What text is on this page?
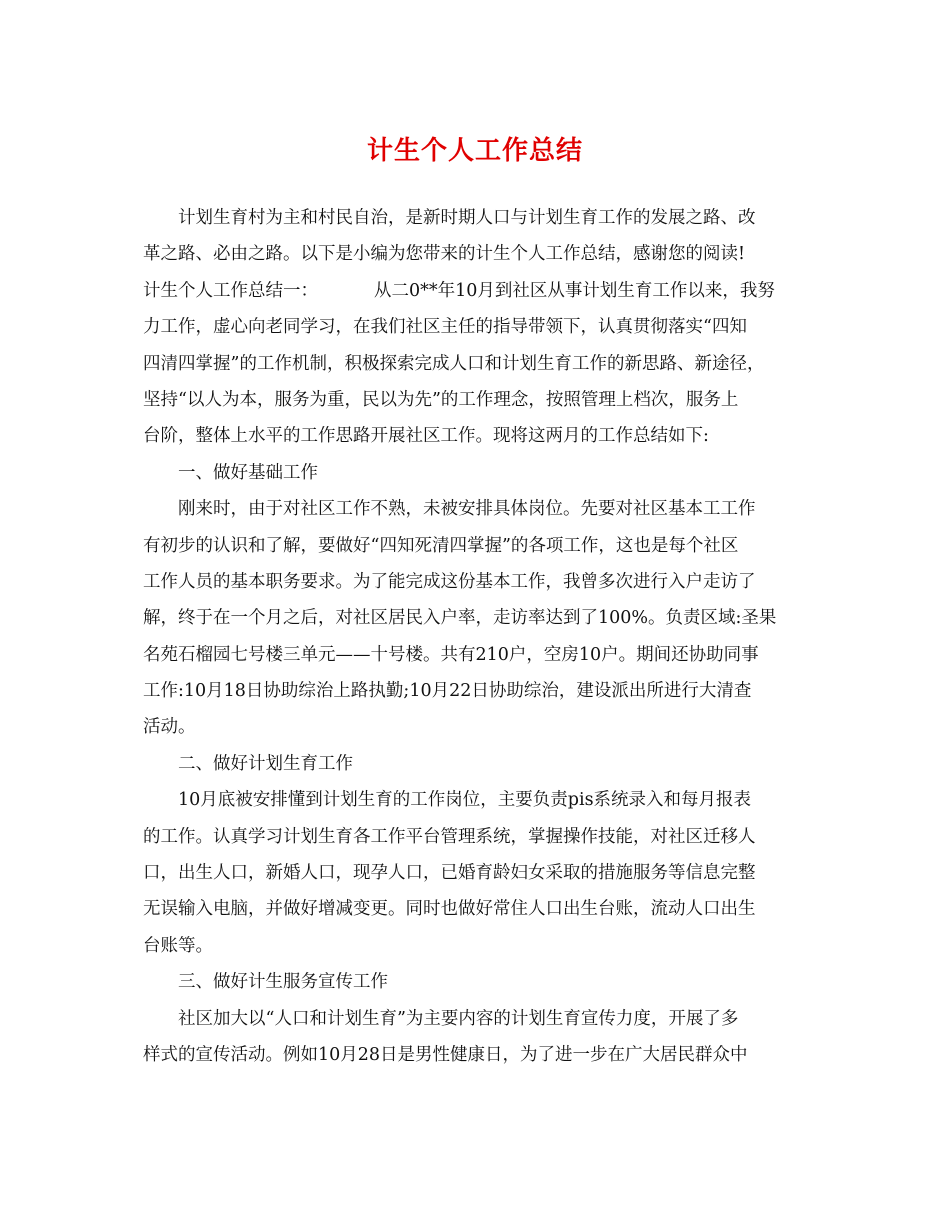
计生个人工作总结
计划生育村为主和村民自治，是新时期人口与计划生育工作的发展之路、改
革之路、必由之路。以下是小编为您带来的计生个人工作总结，感谢您的阅读!
计生个人工作总结一：	从二0**年10月到社区从事计划生育工作以来，我努
力工作，虚心向老同学习，在我们社区主任的指导带领下，认真贯彻落实“四知
四清四掌握”的工作机制，积极探索完成人口和计划生育工作的新思路、新途径，
坚持“以人为本，服务为重，民以为先”的工作理念，按照管理上档次，服务上
台阶，整体上水平的工作思路开展社区工作。现将这两月的工作总结如下:
一、做好基础工作
刚来时，由于对社区工作不熟，未被安排具体岗位。先要对社区基本工工作
有初步的认识和了解，要做好“四知死清四掌握”的各项工作，这也是每个社区
工作人员的基本职务要求。为了能完成这份基本工作，我曾多次进行入户走访了
解，终于在一个月之后，对社区居民入户率，走访率达到了100%。负责区域:圣果
名苑石榴园七号楼三单元——十号楼。共有210户，空房10户。期间还协助同事
工作:10月18日协助综治上路执勤;10月22日协助综治，建设派出所进行大清查
活动。
二、做好计划生育工作
10月底被安排懂到计划生育的工作岗位，主要负责pis系统录入和每月报表
的工作。认真学习计划生育各工作平台管理系统，掌握操作技能，对社区迁移人
口，出生人口，新婚人口，现孕人口，已婚育龄妇女采取的措施服务等信息完整
无误输入电脑，并做好增减变更。同时也做好常住人口出生台账，流动人口出生
台账等。
三、做好计生服务宣传工作
社区加大以“人口和计划生育”为主要内容的计划生育宣传力度，开展了多
样式的宣传活动。例如10月28日是男性健康日，为了进一步在广大居民群众中
